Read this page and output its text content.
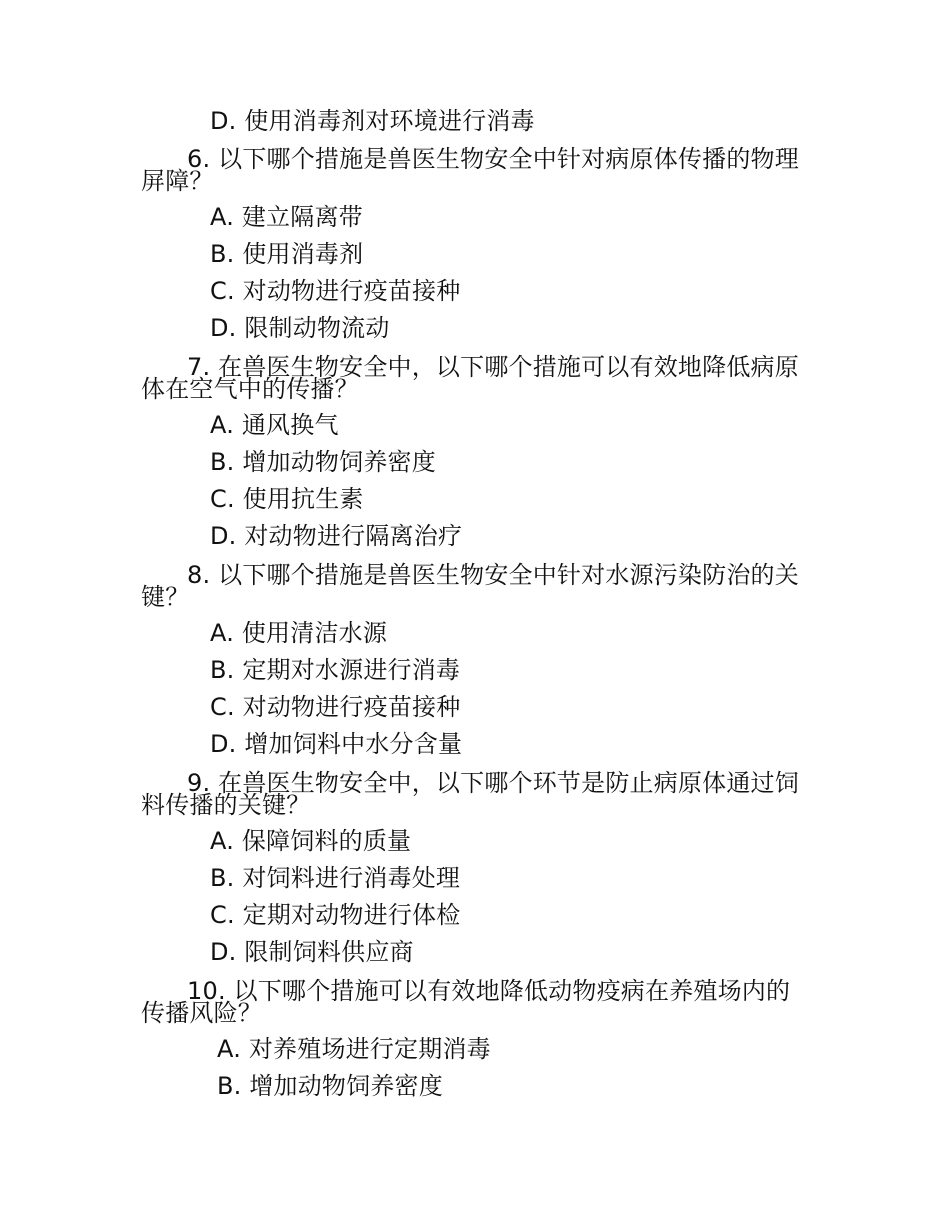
D. 使用消毒剂对环境进行消毒
6. 以下哪个措施是兽医生物安全中针对病原体传播的物理
屏障？
A. 建立隔离带
B. 使用消毒剂
C. 对动物进行疫苗接种
D. 限制动物流动
7. 在兽医生物安全中，以下哪个措施可以有效地降低病原
体在空气中的传播？
A. 通风换气
B. 增加动物饲养密度
C. 使用抗生素
D. 对动物进行隔离治疗
8. 以下哪个措施是兽医生物安全中针对水源污染防治的关
键？
A. 使用清洁水源
B. 定期对水源进行消毒
C. 对动物进行疫苗接种
D. 增加饲料中水分含量
9. 在兽医生物安全中，以下哪个环节是防止病原体通过饲
料传播的关键？
A. 保障饲料的质量
B. 对饲料进行消毒处理
C. 定期对动物进行体检
D. 限制饲料供应商
10. 以下哪个措施可以有效地降低动物疫病在养殖场内的
传播风险？
A. 对养殖场进行定期消毒
B. 增加动物饲养密度
